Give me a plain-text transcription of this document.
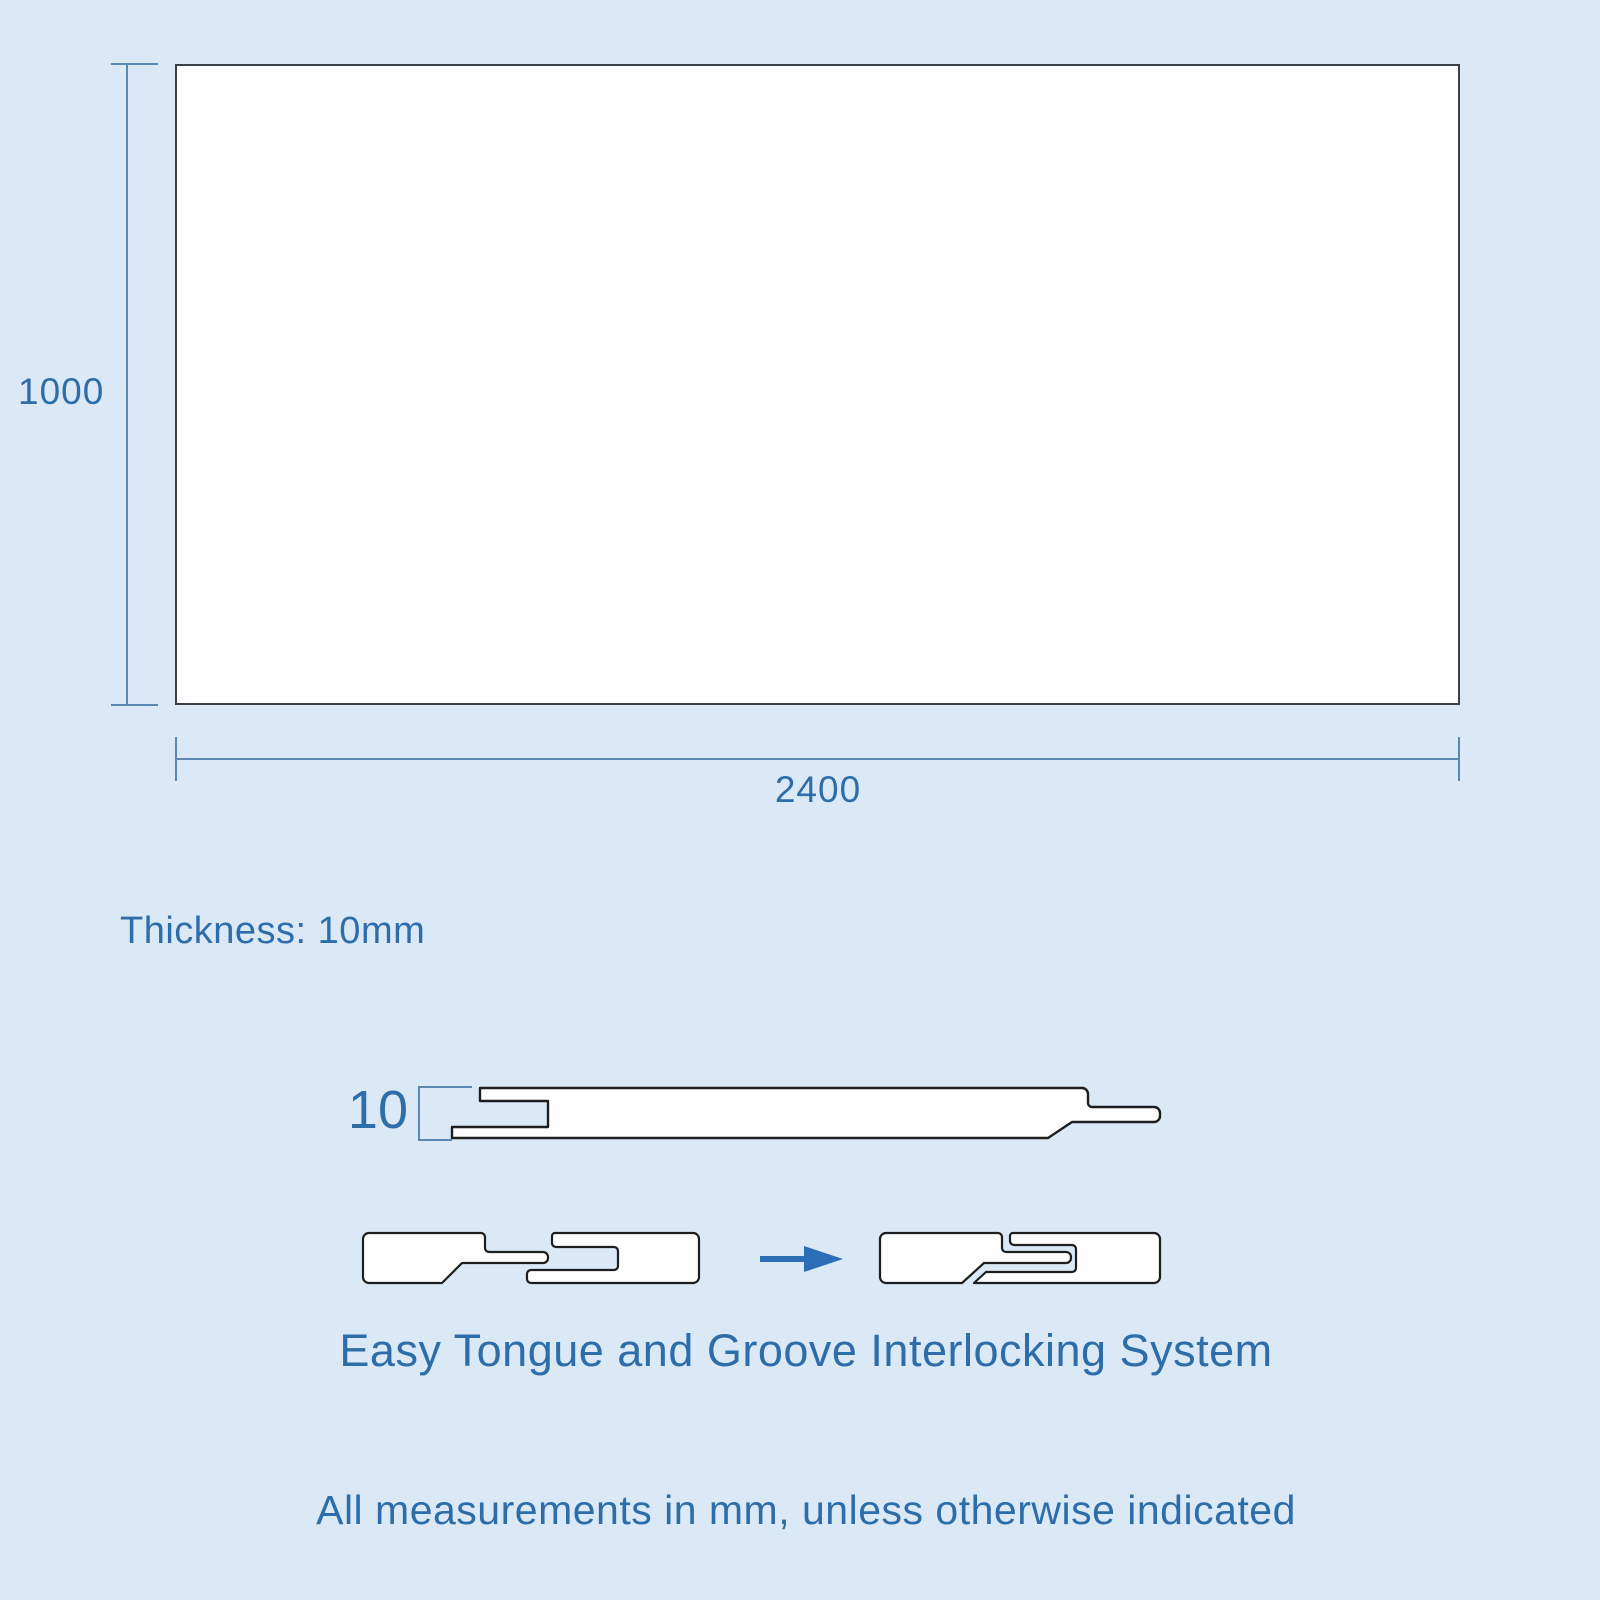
1000
2400
Thickness: 10mm
10
Easy Tongue and Groove Interlocking System
All measurements in mm, unless otherwise indicated
